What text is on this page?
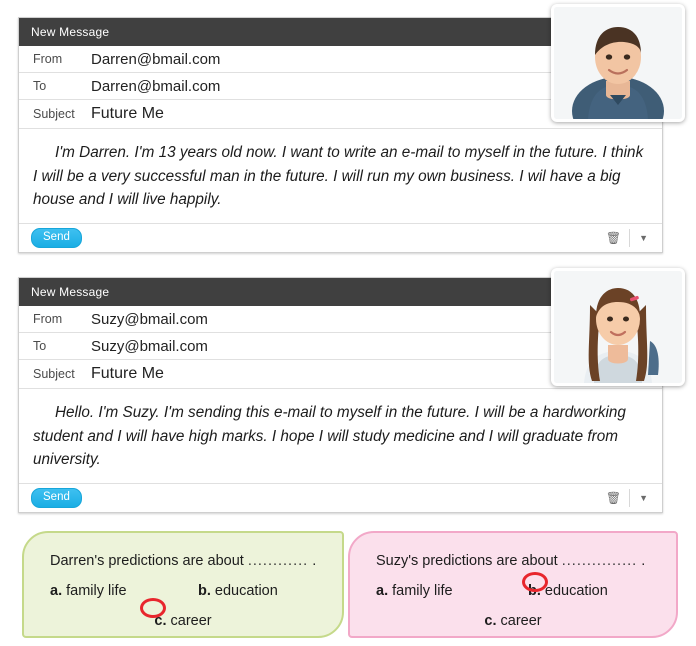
New Message
From	Darren@bmail.com
To	Darren@bmail.com
Subject	Future Me
I'm Darren. I'm 13 years old now. I want to write an e-mail to myself in the future. I think I will be a very successful man in the future. I will run my own business. I wil have a big house and I will live happily.
Send	🗑	▼
New Message
From	Suzy@bmail.com
To	Suzy@bmail.com
Subject	Future Me
Hello. I'm Suzy. I'm sending this e-mail to myself in the future. I will be a hardworking student and I will have high marks. I hope I will study medicine and I will graduate from university.
Send	🗑	▼
Darren's predictions are about ............ .
a. family life	b. education
c. career
Suzy's predictions are about ............... .
a. family life	b. education
c. career
